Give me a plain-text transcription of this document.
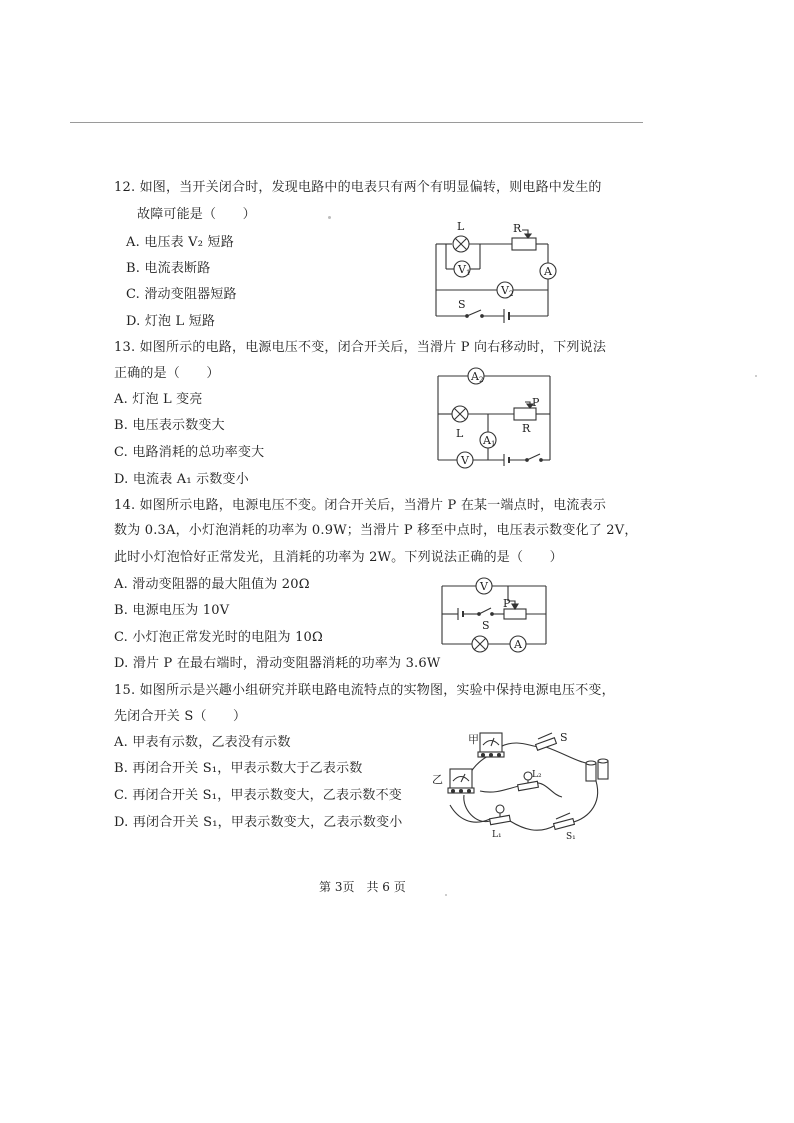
12. 如图，当开关闭合时，发现电路中的电表只有两个有明显偏转，则电路中发生的
故障可能是（　　）
A. 电压表 V₂ 短路
B. 电流表断路
C. 滑动变阻器短路
D. 灯泡 L 短路
L	R
V1	A
V2
S
13. 如图所示的电路，电源电压不变，闭合开关后，当滑片 P 向右移动时，下列说法
正确的是（　　）
A. 灯泡 L 变亮
B. 电压表示数变大
C. 电路消耗的总功率变大
D. 电流表 A₁ 示数变小
A2
P
L	R
A1
V
14. 如图所示电路，电源电压不变。闭合开关后，当滑片 P 在某一端点时，电流表示
数为 0.3A，小灯泡消耗的功率为 0.9W；当滑片 P 移至中点时，电压表示数变化了 2V，
此时小灯泡恰好正常发光，且消耗的功率为 2W。下列说法正确的是（　　）
A. 滑动变阻器的最大阻值为 20Ω
B. 电源电压为 10V
C. 小灯泡正常发光时的电阻为 10Ω
D. 滑片 P 在最右端时，滑动变阻器消耗的功率为 3.6W
V
P
S
A
15. 如图所示是兴趣小组研究并联电路电流特点的实物图，实验中保持电源电压不变，
先闭合开关 S（　　）
A. 甲表有示数，乙表没有示数
B. 再闭合开关 S₁，甲表示数大于乙表示数
C. 再闭合开关 S₁，甲表示数变大，乙表示数不变
D. 再闭合开关 S₁，甲表示数变大，乙表示数变小
甲
乙
S
L₂
L₁	S₁
第 3页　共 6 页
